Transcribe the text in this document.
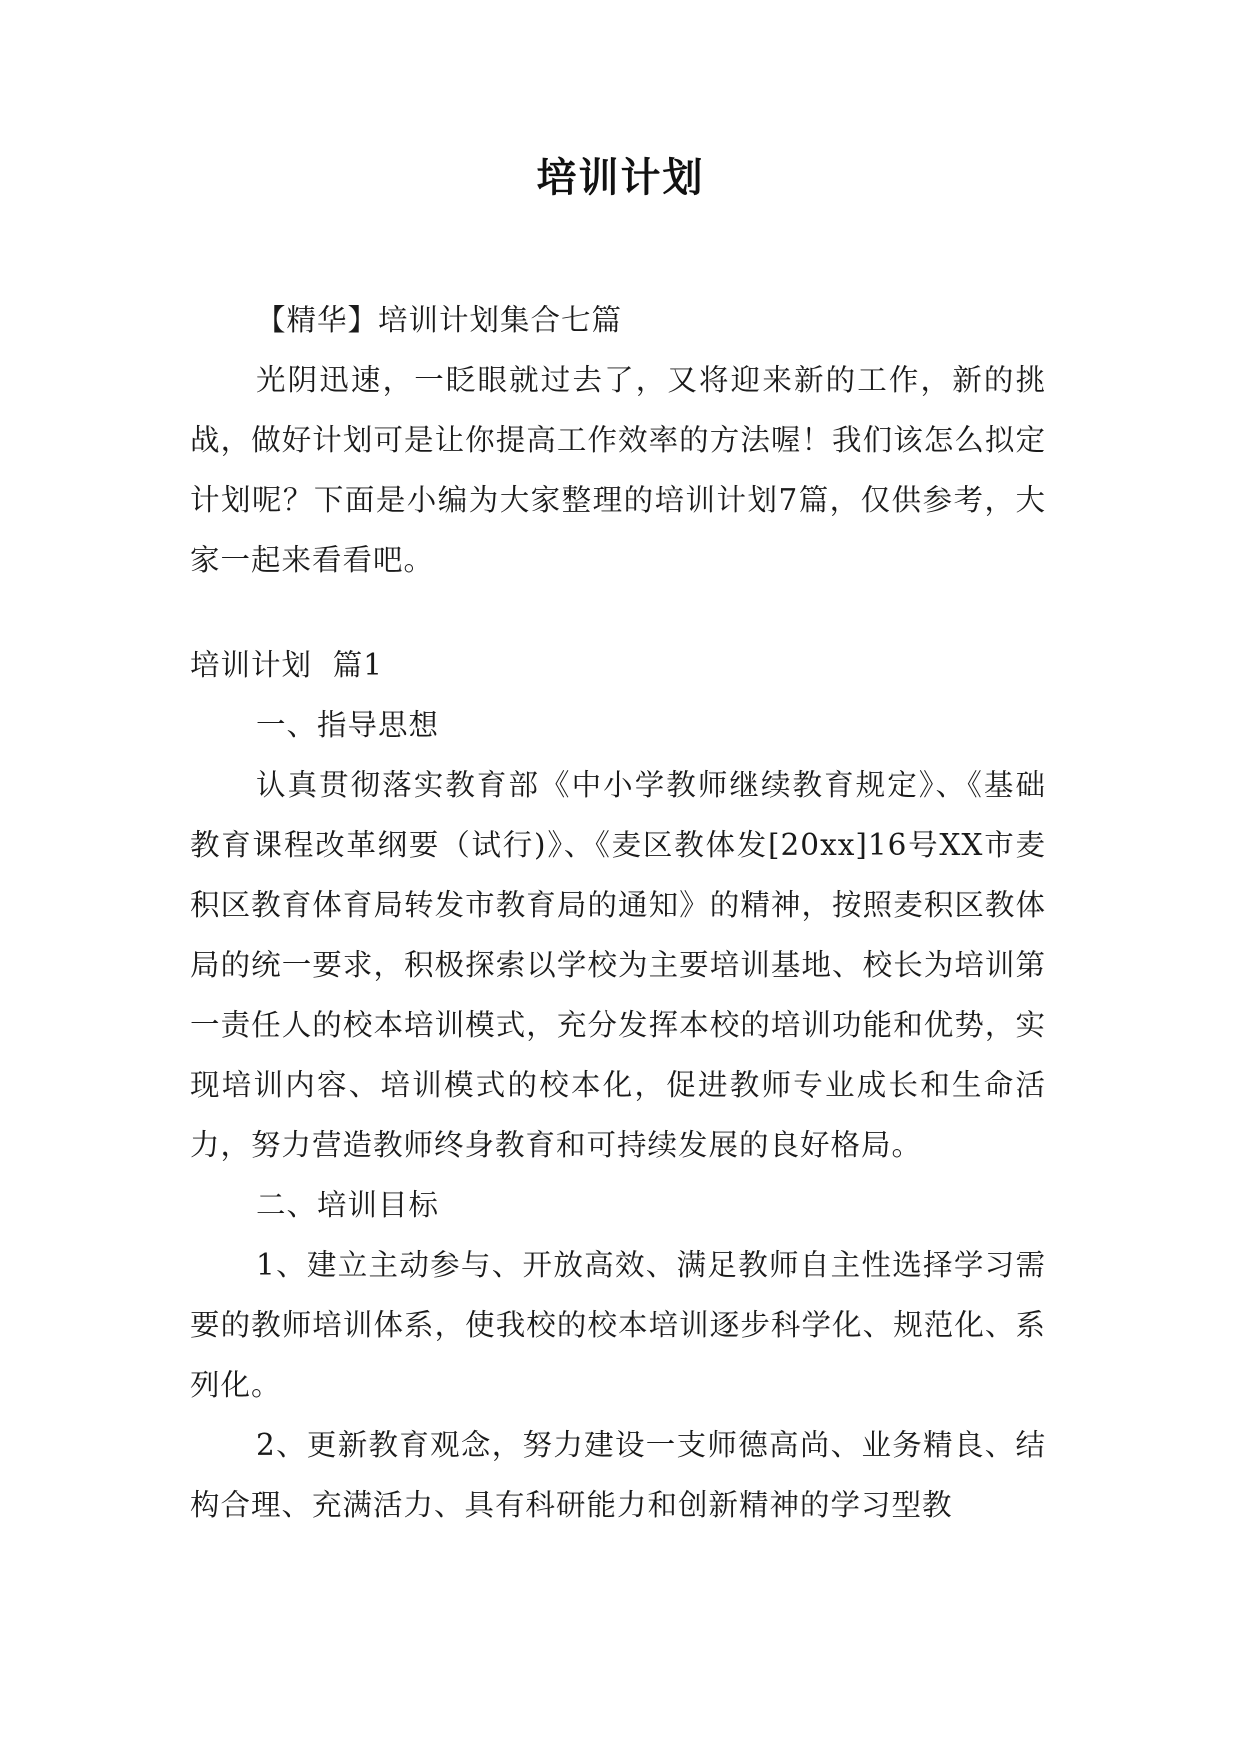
培训计划

【精华】培训计划集合七篇

光阴迅速，一眨眼就过去了，又将迎来新的工作，新的挑战，做好计划可是让你提高工作效率的方法喔！我们该怎么拟定计划呢？下面是小编为大家整理的培训计划7篇，仅供参考，大家一起来看看吧。

培训计划  篇1

一、指导思想

认真贯彻落实教育部《中小学教师继续教育规定》、《基础教育课程改革纲要（试行)》、《麦区教体发[20xx]16号XX市麦积区教育体育局转发市教育局的通知》的精神，按照麦积区教体局的统一要求，积极探索以学校为主要培训基地、校长为培训第一责任人的校本培训模式，充分发挥本校的培训功能和优势，实现培训内容、培训模式的校本化，促进教师专业成长和生命活力，努力营造教师终身教育和可持续发展的良好格局。

二、培训目标

1、建立主动参与、开放高效、满足教师自主性选择学习需要的教师培训体系，使我校的校本培训逐步科学化、规范化、系列化。

2、更新教育观念，努力建设一支师德高尚、业务精良、结构合理、充满活力、具有科研能力和创新精神的学习型教
